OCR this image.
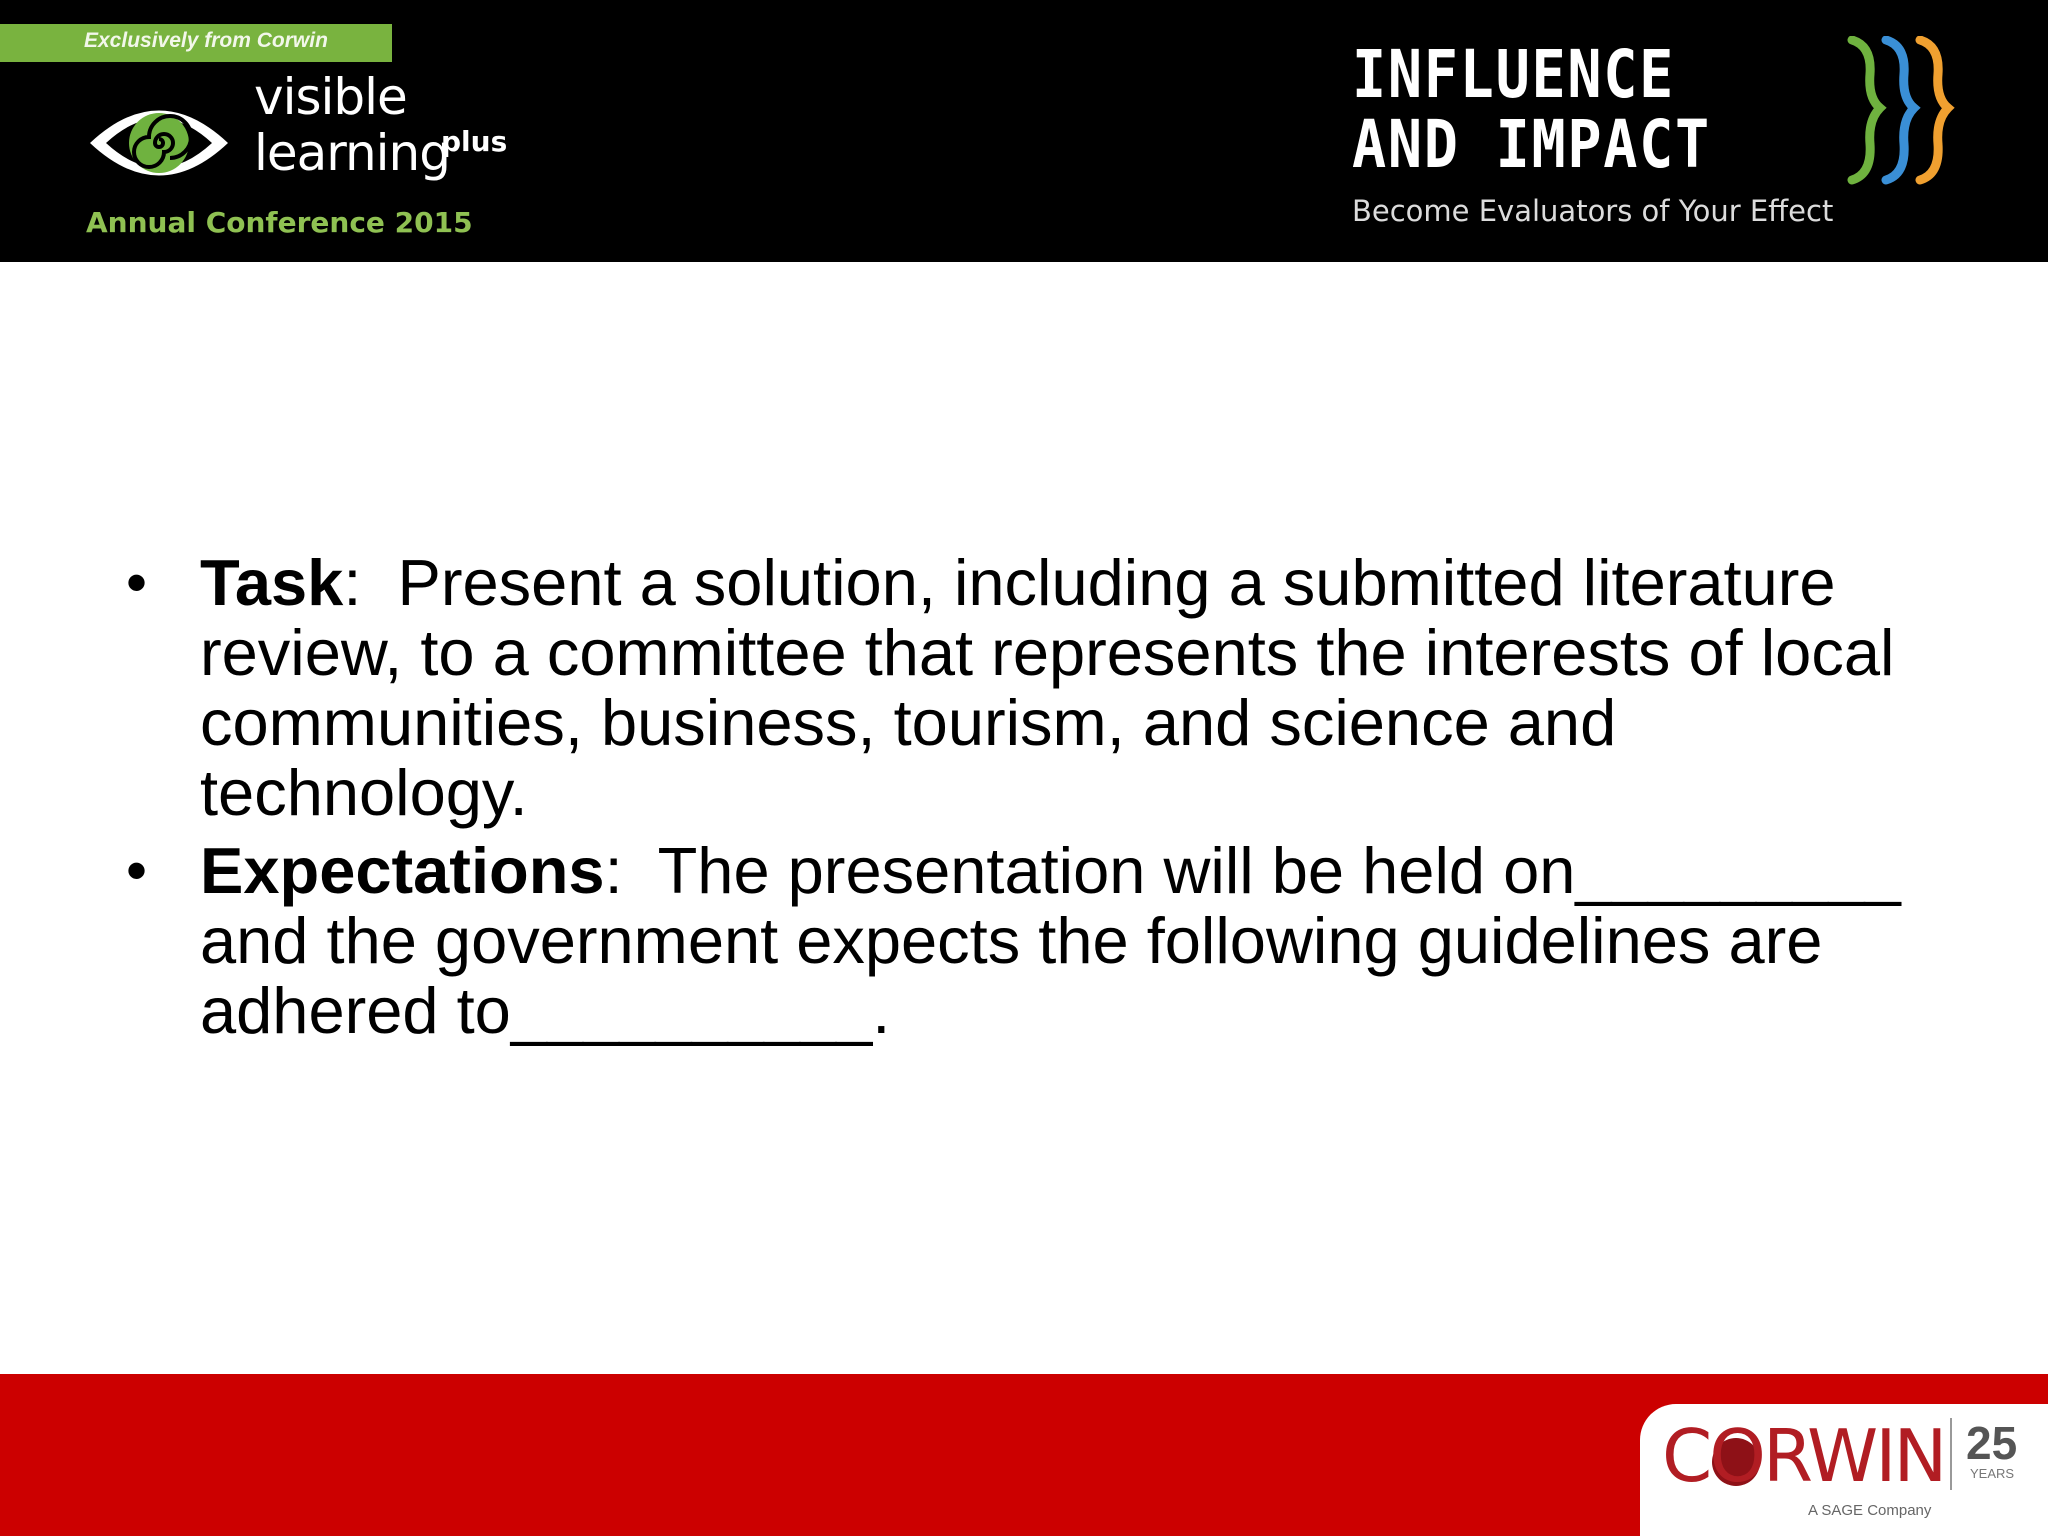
Exclusively from Corwin
visible
learning
plus
Annual Conference 2015
INFLUENCE
AND IMPACT
Become Evaluators of Your Effect
• Task:  Present a solution, including a submitted literature review, to a committee that represents the interests of local communities, business, tourism, and science and technology.
• Expectations:  The presentation will be held on_________ and the government expects the following guidelines are adhered to__________.
CORWIN
A SAGE Company
25
YEARS
